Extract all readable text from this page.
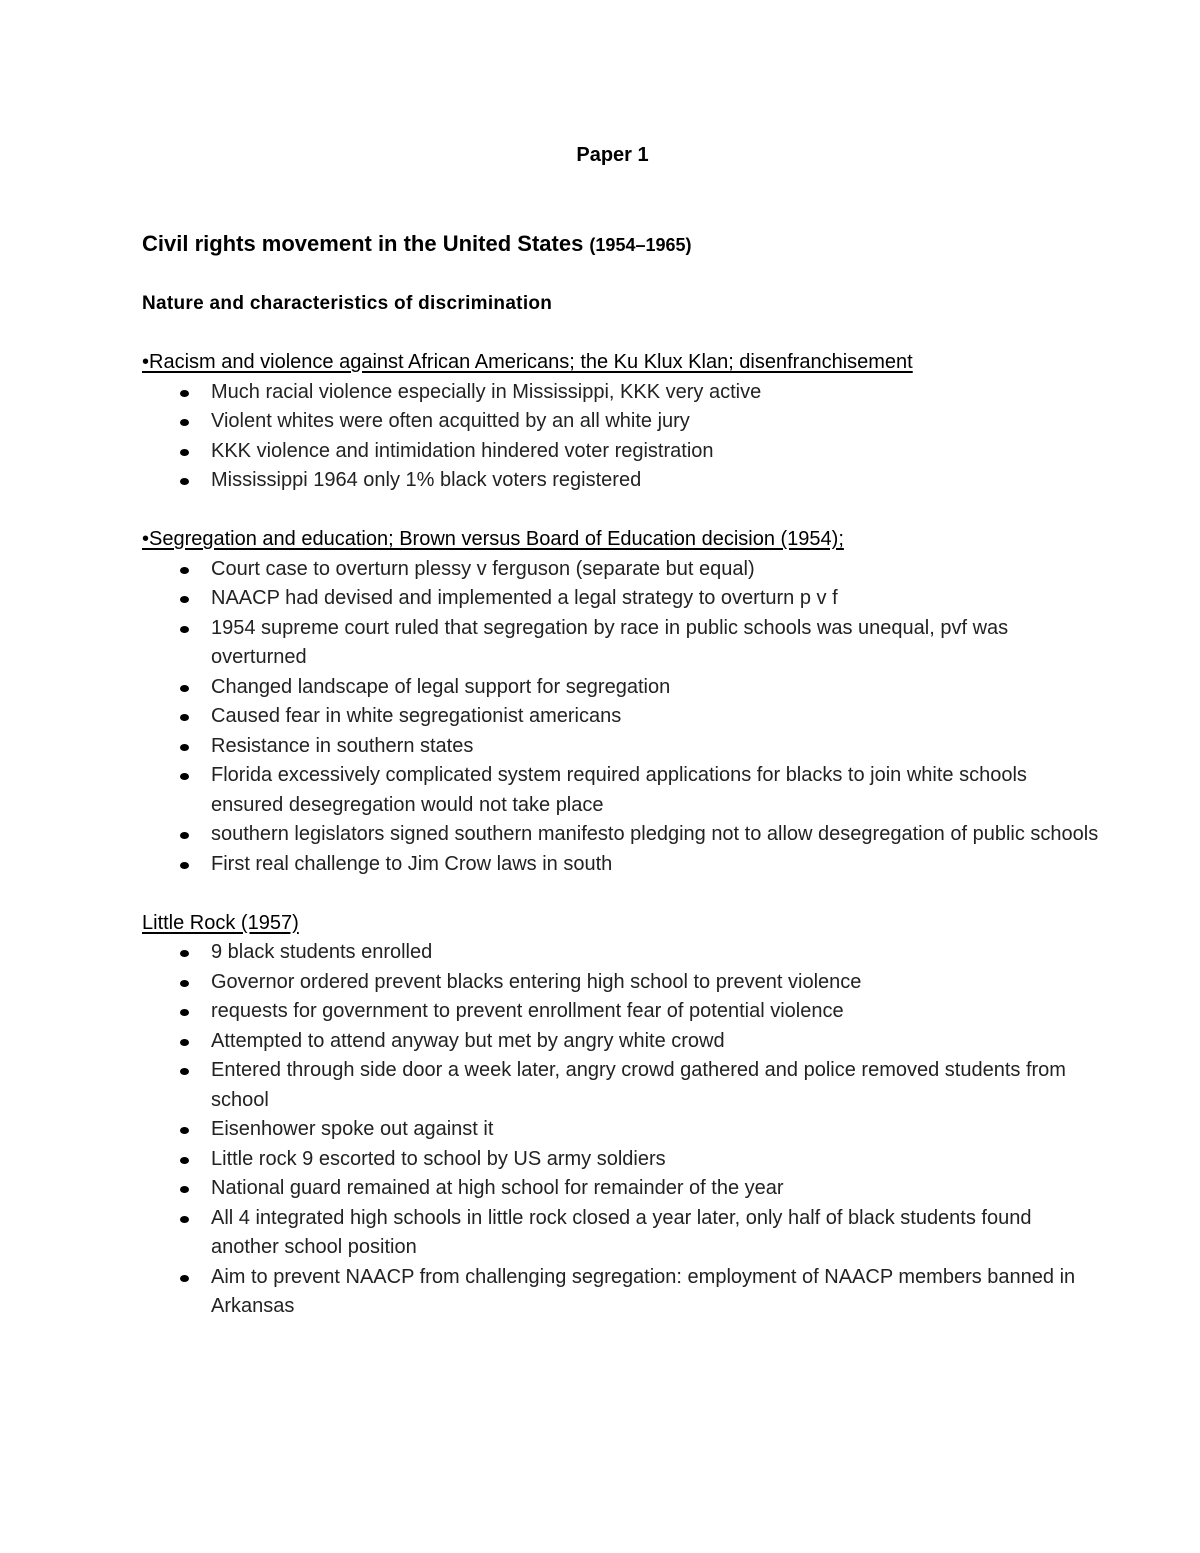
Paper 1
Civil rights movement in the United States (1954–1965)
Nature and characteristics of discrimination
•Racism and violence against African Americans; the Ku Klux Klan; disenfranchisement
Much racial violence especially in Mississippi, KKK very active
Violent whites were often acquitted by an all white jury
KKK violence and intimidation hindered voter registration
Mississippi 1964 only 1% black voters registered
•Segregation and education; Brown versus Board of Education decision (1954);
Court case to overturn plessy v ferguson (separate but equal)
NAACP had devised and implemented a legal strategy to overturn p v f
1954 supreme court ruled that segregation by race in public schools was unequal, pvf was overturned
Changed landscape of legal support for segregation
Caused fear in white segregationist americans
Resistance in southern states
Florida excessively complicated system required applications for blacks to join white schools ensured desegregation would not take place
southern legislators signed southern manifesto pledging not to allow desegregation of public schools
First real challenge to Jim Crow laws in south
Little Rock (1957)
9 black students enrolled
Governor ordered prevent blacks entering high school to prevent violence
requests for government to prevent enrollment fear of potential violence
Attempted to attend anyway but met by angry white crowd
Entered through side door a week later, angry crowd gathered and police removed students from school
Eisenhower spoke out against it
Little rock 9 escorted to school by US army soldiers
National guard remained at high school for remainder of the year
All 4 integrated high schools in little rock closed a year later, only half of black students found another school position
Aim to prevent NAACP from challenging segregation: employment of NAACP members banned in Arkansas
